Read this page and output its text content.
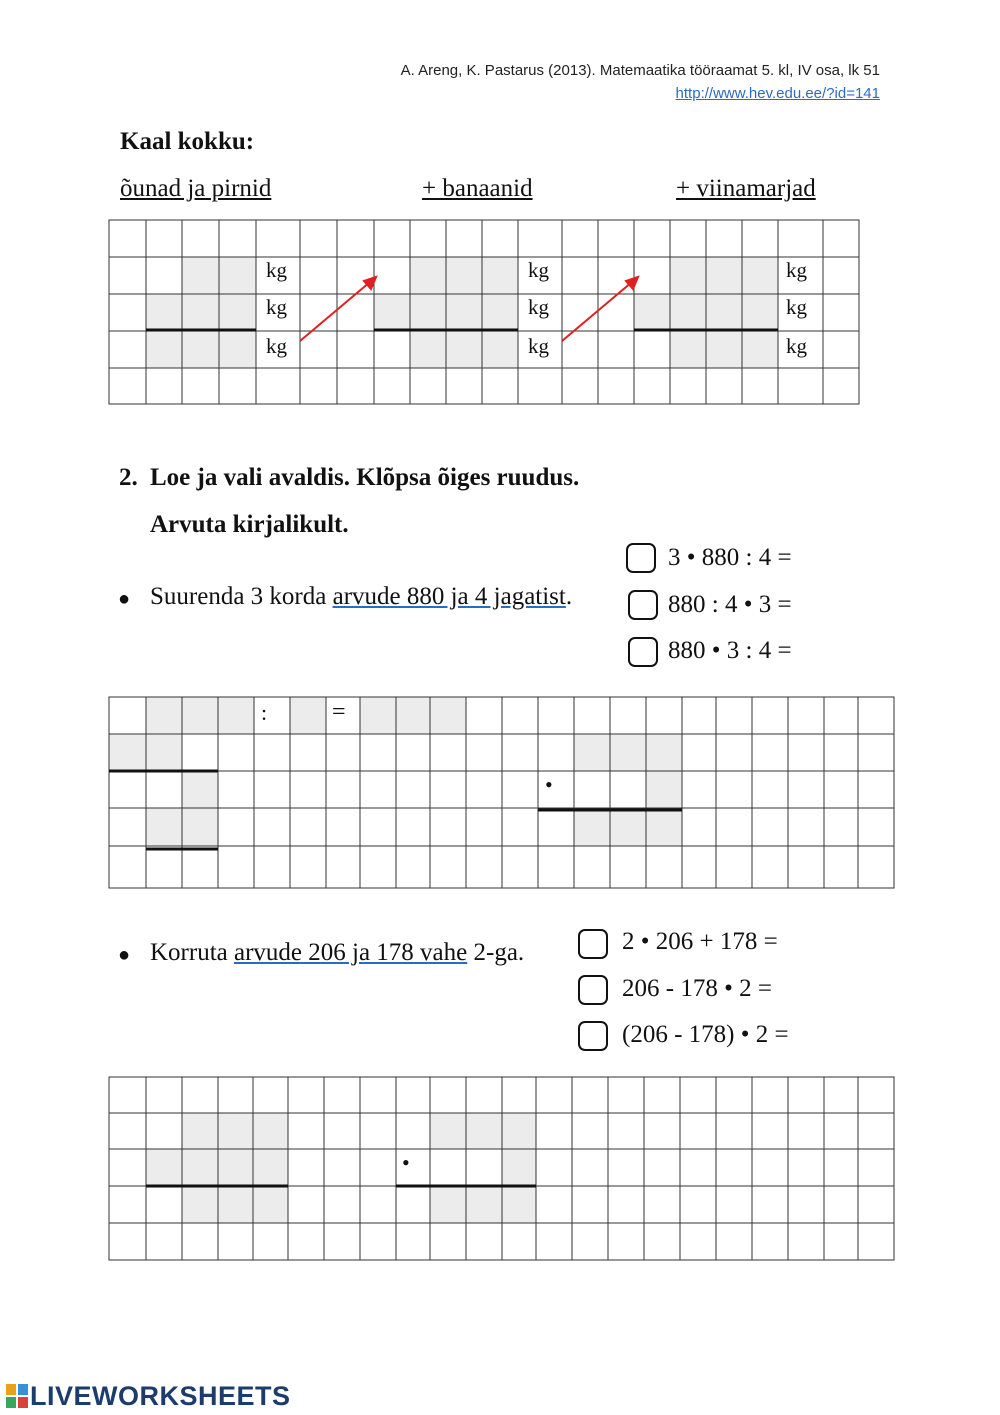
A. Areng, K. Pastarus (2013). Matemaatika tööraamat 5. kl, IV osa, lk 51
http://www.hev.edu.ee/?id=141
Kaal kokku:
õunad ja pirnid	+ banaanid	+ viinamarjad
kg
kg
kg
kg
kg
kg
kg
kg
kg
2. Loe ja vali avaldis. Klõpsa õiges ruudus.
Arvuta kirjalikult.
● Suurenda 3 korda arvude 880 ja 4 jagatist.
3 • 880 : 4 =
880 : 4 • 3 =
880 • 3 : 4 =
:	=
•
● Korruta arvude 206 ja 178 vahe 2-ga.	2 • 206 + 178 =
206 - 178 • 2 =
(206 - 178) • 2 =
•
LIVEWORKSHEETS
